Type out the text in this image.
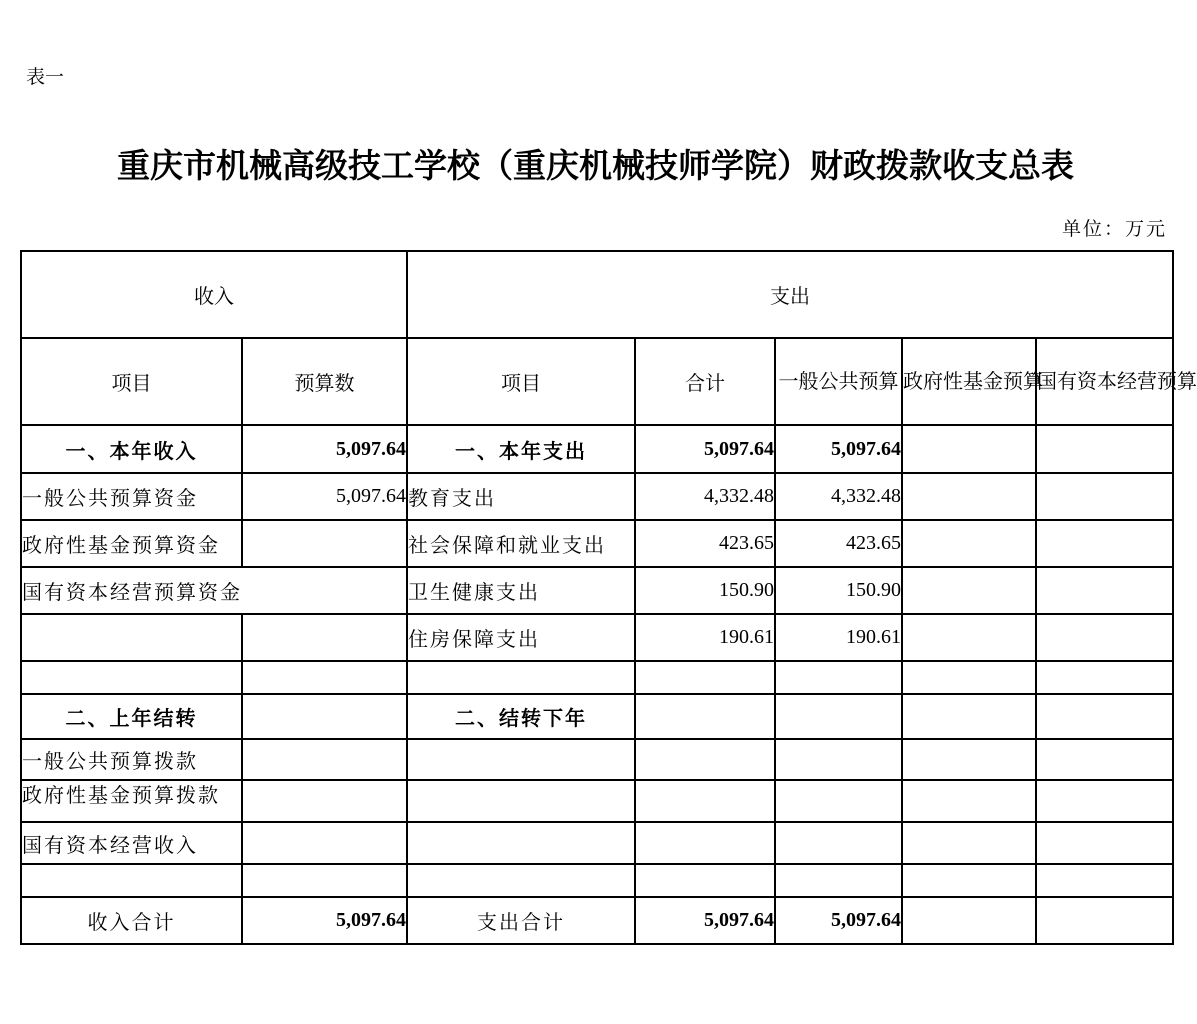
表一
重庆市机械高级技工学校（重庆机械技师学院）财政拨款收支总表
单位：万元
收入		支出				
项目	预算数	项目	合计	一般公共预算	政府性基金预算	国有资本经营预算
一、本年收入	5,097.64	一、本年支出	5,097.64	5,097.64		
一般公共预算资金	5,097.64	教育支出	4,332.48	4,332.48		
政府性基金预算资金		社会保障和就业支出	423.65	423.65		
国有资本经营预算资金		卫生健康支出	150.90	150.90		
		住房保障支出	190.61	190.61		

二、上年结转		二、结转下年				
一般公共预算拨款						

政府性基金预算拨款						

国有资本经营收入						

收入合计	5,097.64	支出合计	5,097.64	5,097.64		
